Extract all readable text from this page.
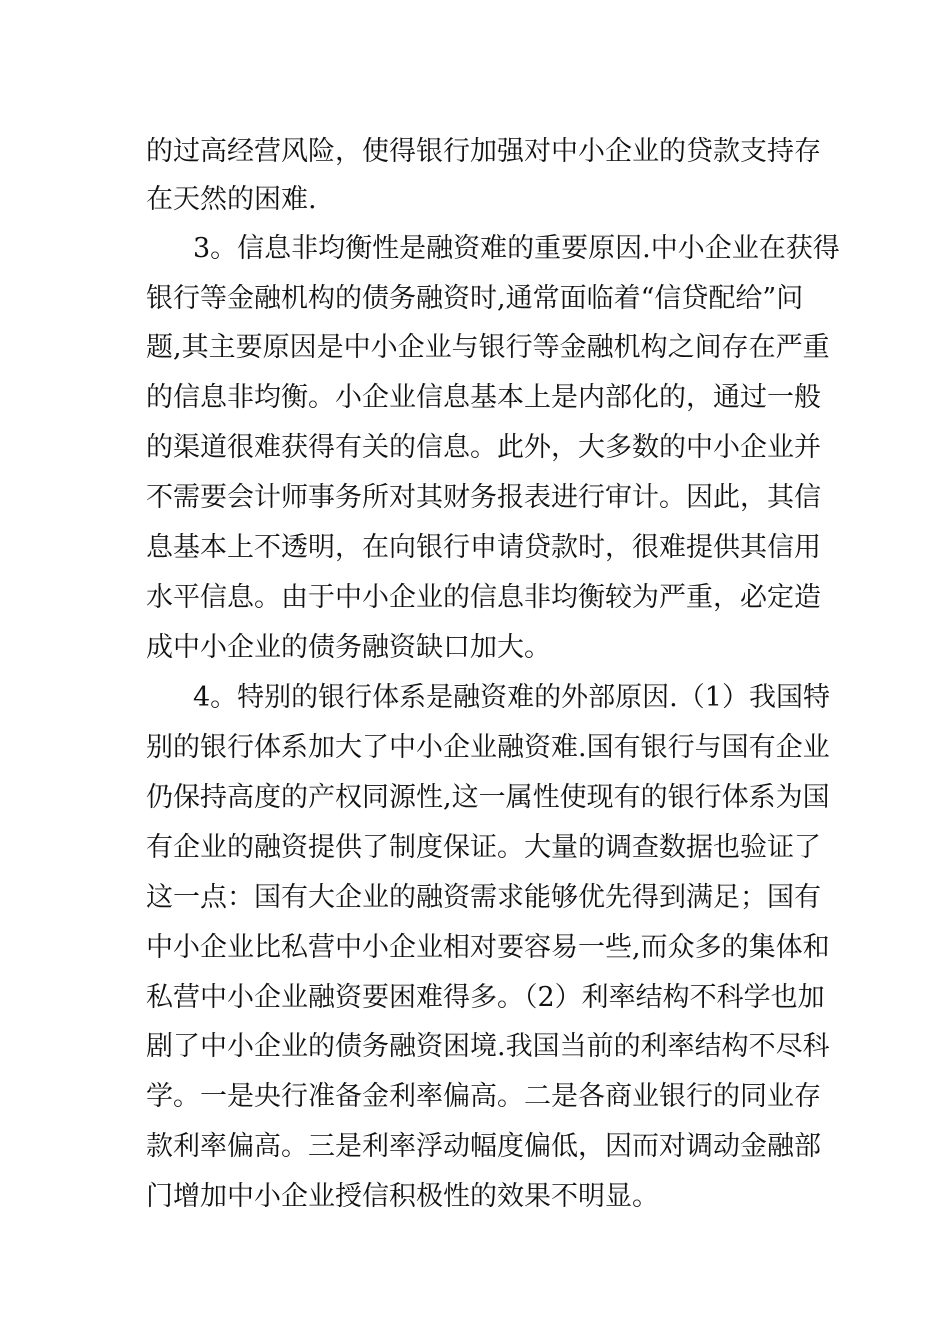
的过高经营风险，使得银行加强对中小企业的贷款支持存
在天然的困难.
3。信息非均衡性是融资难的重要原因.中小企业在获得
银行等金融机构的债务融资时,通常面临着“信贷配给”问
题,其主要原因是中小企业与银行等金融机构之间存在严重
的信息非均衡。小企业信息基本上是内部化的，通过一般
的渠道很难获得有关的信息。此外，大多数的中小企业并
不需要会计师事务所对其财务报表进行审计。因此，其信
息基本上不透明，在向银行申请贷款时，很难提供其信用
水平信息。由于中小企业的信息非均衡较为严重，必定造
成中小企业的债务融资缺口加大。
4。特别的银行体系是融资难的外部原因.（1）我国特
别的银行体系加大了中小企业融资难.国有银行与国有企业
仍保持高度的产权同源性,这一属性使现有的银行体系为国
有企业的融资提供了制度保证。大量的调查数据也验证了
这一点：国有大企业的融资需求能够优先得到满足；国有
中小企业比私营中小企业相对要容易一些,而众多的集体和
私营中小企业融资要困难得多。（2）利率结构不科学也加
剧了中小企业的债务融资困境.我国当前的利率结构不尽科
学。一是央行准备金利率偏高。二是各商业银行的同业存
款利率偏高。三是利率浮动幅度偏低，因而对调动金融部
门增加中小企业授信积极性的效果不明显。
